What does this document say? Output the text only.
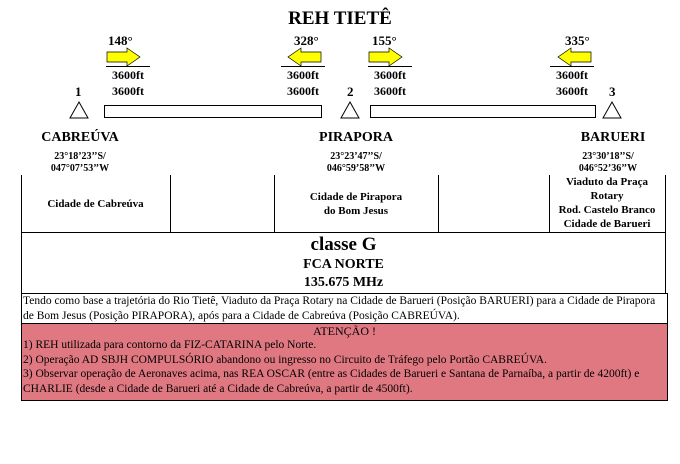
REH TIETÊ
148°
3600ft
3600ft
328°
3600ft
3600ft
155°
3600ft
3600ft
335°
3600ft
3600ft
1	2	3
CABREÚVA
23°18’23’’S/
047°07’53’’W
PIRAPORA
23°23’47’’S/
046°59’58’’W
BARUERI
23°30’18’’S/
046°52’36’’W
Cidade de Cabreúva
Cidade de Pirapora
do Bom Jesus
Viaduto da Praça
Rotary
Rod. Castelo Branco
Cidade de Barueri
classe G
FCA NORTE
135.675 MHz
Tendo como base a trajetória do Rio Tietê, Viaduto da Praça Rotary na Cidade de Barueri (Posição BARUERI) para a Cidade de Pirapora de Bom Jesus (Posição PIRAPORA), após para a Cidade de Cabreúva (Posição CABREÚVA).
ATENÇÃO !
1) REH utilizada para contorno da FIZ-CATARINA pelo Norte.
2) Operação AD SBJH COMPULSÓRIO abandono ou ingresso no Circuito de Tráfego pelo Portão CABREÚVA.
3) Observar operação de Aeronaves acima, nas REA OSCAR (entre as Cidades de Barueri e Santana de Parnaíba, a partir de 4200ft) e CHARLIE (desde a Cidade de Barueri até a Cidade de Cabreúva, a partir de 4500ft).
